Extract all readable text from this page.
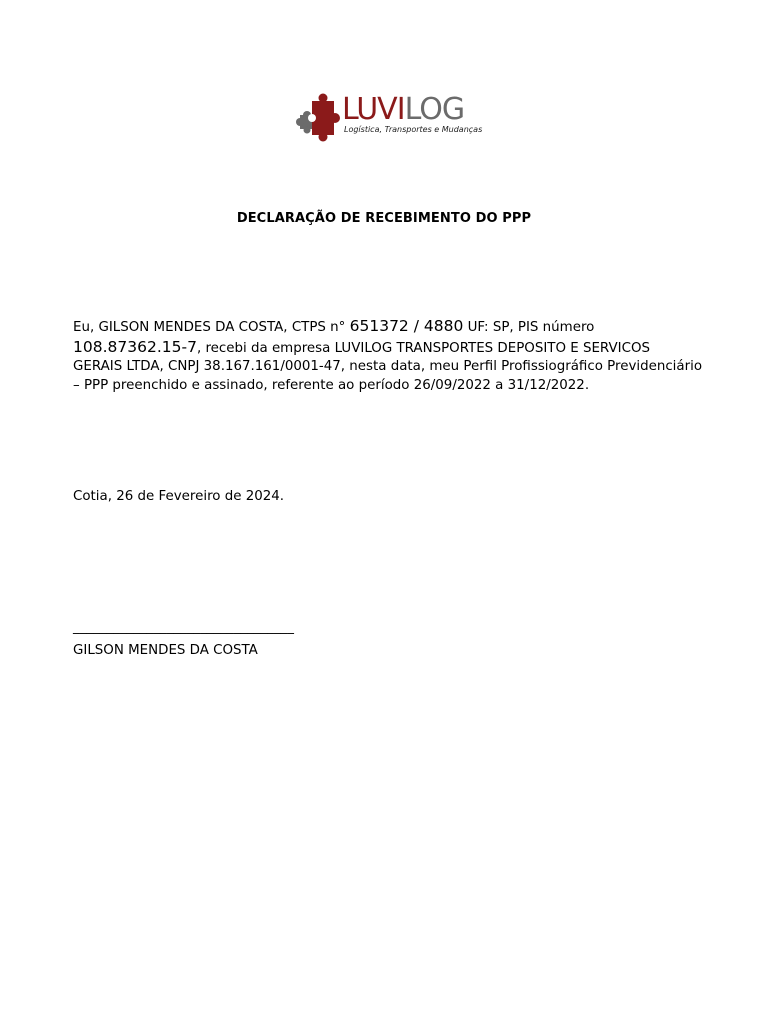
LUVILOG
Logística, Transportes e Mudanças
DECLARAÇÃO DE RECEBIMENTO DO PPP
Eu, GILSON MENDES DA COSTA, CTPS n° 651372 / 4880 UF: SP, PIS número 108.87362.15-7, recebi da empresa LUVILOG TRANSPORTES DEPOSITO E SERVICOS GERAIS LTDA, CNPJ 38.167.161/0001-47, nesta data, meu Perfil Profissiográfico Previdenciário – PPP preenchido e assinado, referente ao período 26/09/2022 a 31/12/2022.
Cotia, 26 de Fevereiro de 2024.
_________________________________
GILSON MENDES DA COSTA
